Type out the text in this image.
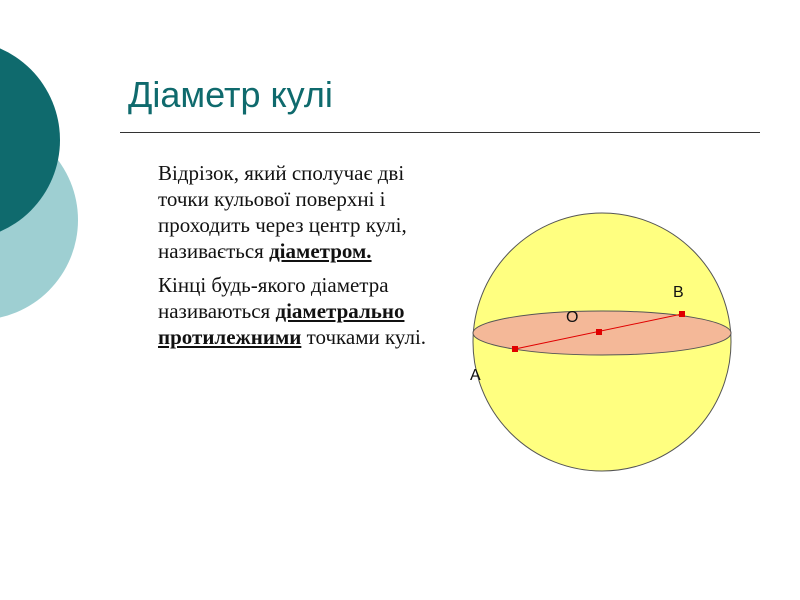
Діаметр кулі

Відрізок, який сполучає дві точки кульової поверхні і проходить через центр кулі, називається діаметром.

Кінці будь-якого діаметра називаються діаметрально протилежними точками кулі.

O
A
B
